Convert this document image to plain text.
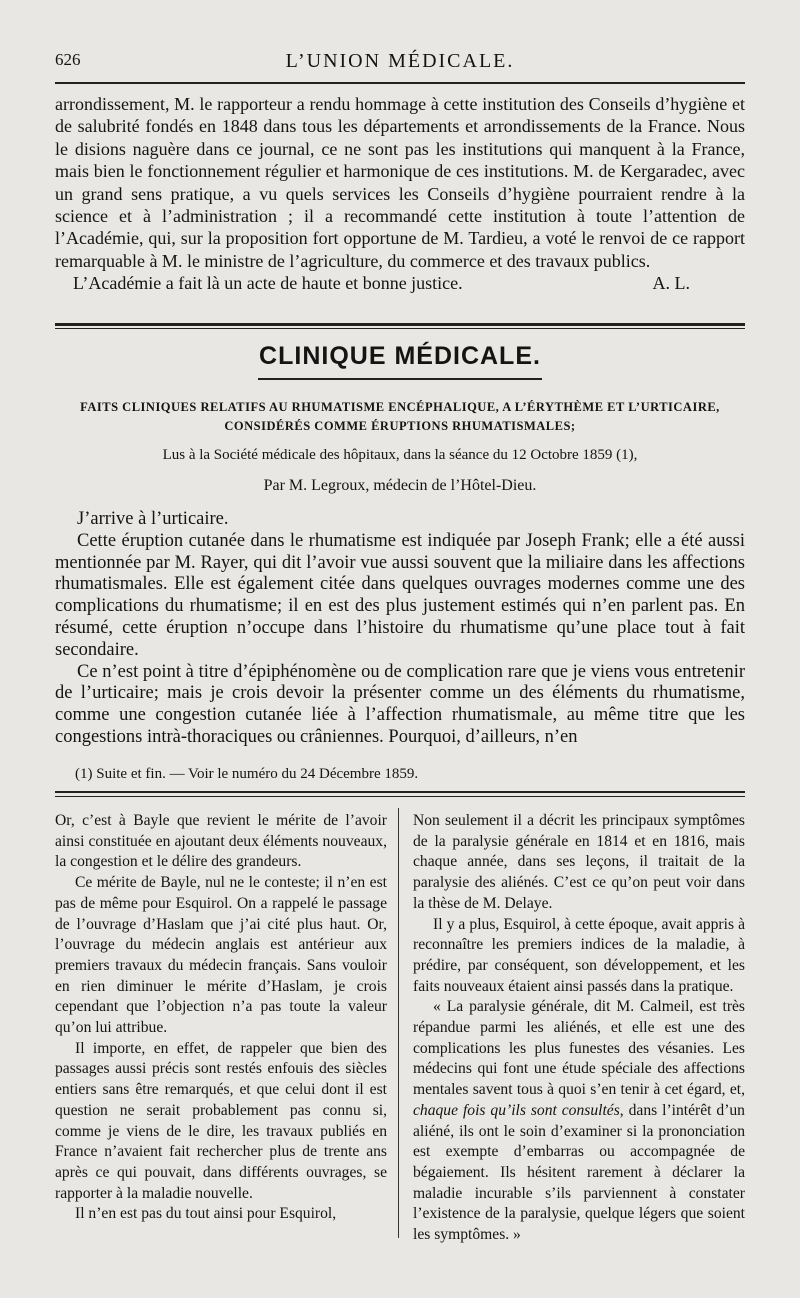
626	L’UNION MÉDICALE.

arrondissement, M. le rapporteur a rendu hommage à cette institution des Conseils d’hygiène et de salubrité fondés en 1848 dans tous les départements et arrondissements de la France. Nous le disions naguère dans ce journal, ce ne sont pas les institutions qui manquent à la France, mais bien le fonctionnement régulier et harmonique de ces institutions. M. de Kergaradec, avec un grand sens pratique, a vu quels services les Conseils d’hygiène pourraient rendre à la science et à l’administration ; il a recommandé cette institution à toute l’attention de l’Académie, qui, sur la proposition fort opportune de M. Tardieu, a voté le renvoi de ce rapport remarquable à M. le ministre de l’agriculture, du commerce et des travaux publics.

L’Académie a fait là un acte de haute et bonne justice.	A. L.

CLINIQUE MÉDICALE.
FAITS CLINIQUES RELATIFS AU RHUMATISME ENCÉPHALIQUE, A L’ÉRYTHÈME ET L’URTICAIRE, CONSIDÉRÉS COMME ÉRUPTIONS RHUMATISMALES;
Lus à la Société médicale des hôpitaux, dans la séance du 12 Octobre 1859 (1),
Par M. Legroux, médecin de l’Hôtel-Dieu.

J’arrive à l’urticaire.

Cette éruption cutanée dans le rhumatisme est indiquée par Joseph Frank; elle a été aussi mentionnée par M. Rayer, qui dit l’avoir vue aussi souvent que la miliaire dans les affections rhumatismales. Elle est également citée dans quelques ouvrages modernes comme une des complications du rhumatisme; il en est des plus justement estimés qui n’en parlent pas. En résumé, cette éruption n’occupe dans l’histoire du rhumatisme qu’une place tout à fait secondaire.

Ce n’est point à titre d’épiphénomène ou de complication rare que je viens vous entretenir de l’urticaire; mais je crois devoir la présenter comme un des éléments du rhumatisme, comme une congestion cutanée liée à l’affection rhumatismale, au même titre que les congestions intrà-thoraciques ou crâniennes. Pourquoi, d’ailleurs, n’en

(1) Suite et fin. — Voir le numéro du 24 Décembre 1859.

Or, c’est à Bayle que revient le mérite de l’avoir ainsi constituée en ajoutant deux éléments nouveaux, la congestion et le délire des grandeurs.

Ce mérite de Bayle, nul ne le conteste; il n’en est pas de même pour Esquirol. On a rappelé le passage de l’ouvrage d’Haslam que j’ai cité plus haut. Or, l’ouvrage du médecin anglais est antérieur aux premiers travaux du médecin français. Sans vouloir en rien diminuer le mérite d’Haslam, je crois cependant que l’objection n’a pas toute la valeur qu’on lui attribue.

Il importe, en effet, de rappeler que bien des passages aussi précis sont restés enfouis des siècles entiers sans être remarqués, et que celui dont il est question ne serait probablement pas connu si, comme je viens de le dire, les travaux publiés en France n’avaient fait rechercher plus de trente ans après ce qui pouvait, dans différents ouvrages, se rapporter à la maladie nouvelle.

Il n’en est pas du tout ainsi pour Esquirol,

Non seulement il a décrit les principaux symptômes de la paralysie générale en 1814 et en 1816, mais chaque année, dans ses leçons, il traitait de la paralysie des aliénés. C’est ce qu’on peut voir dans la thèse de M. Delaye.

Il y a plus, Esquirol, à cette époque, avait appris à reconnaître les premiers indices de la maladie, à prédire, par conséquent, son développement, et les faits nouveaux étaient ainsi passés dans la pratique.

« La paralysie générale, dit M. Calmeil, est très répandue parmi les aliénés, et elle est une des complications les plus funestes des vésanies. Les médecins qui font une étude spéciale des affections mentales savent tous à quoi s’en tenir à cet égard, et, chaque fois qu’ils sont consultés, dans l’intérêt d’un aliéné, ils ont le soin d’examiner si la prononciation est exempte d’embarras ou accompagnée de bégaiement. Ils hésitent rarement à déclarer la maladie incurable s’ils parviennent à constater l’existence de la paralysie, quelque légers que soient les symptômes. »
